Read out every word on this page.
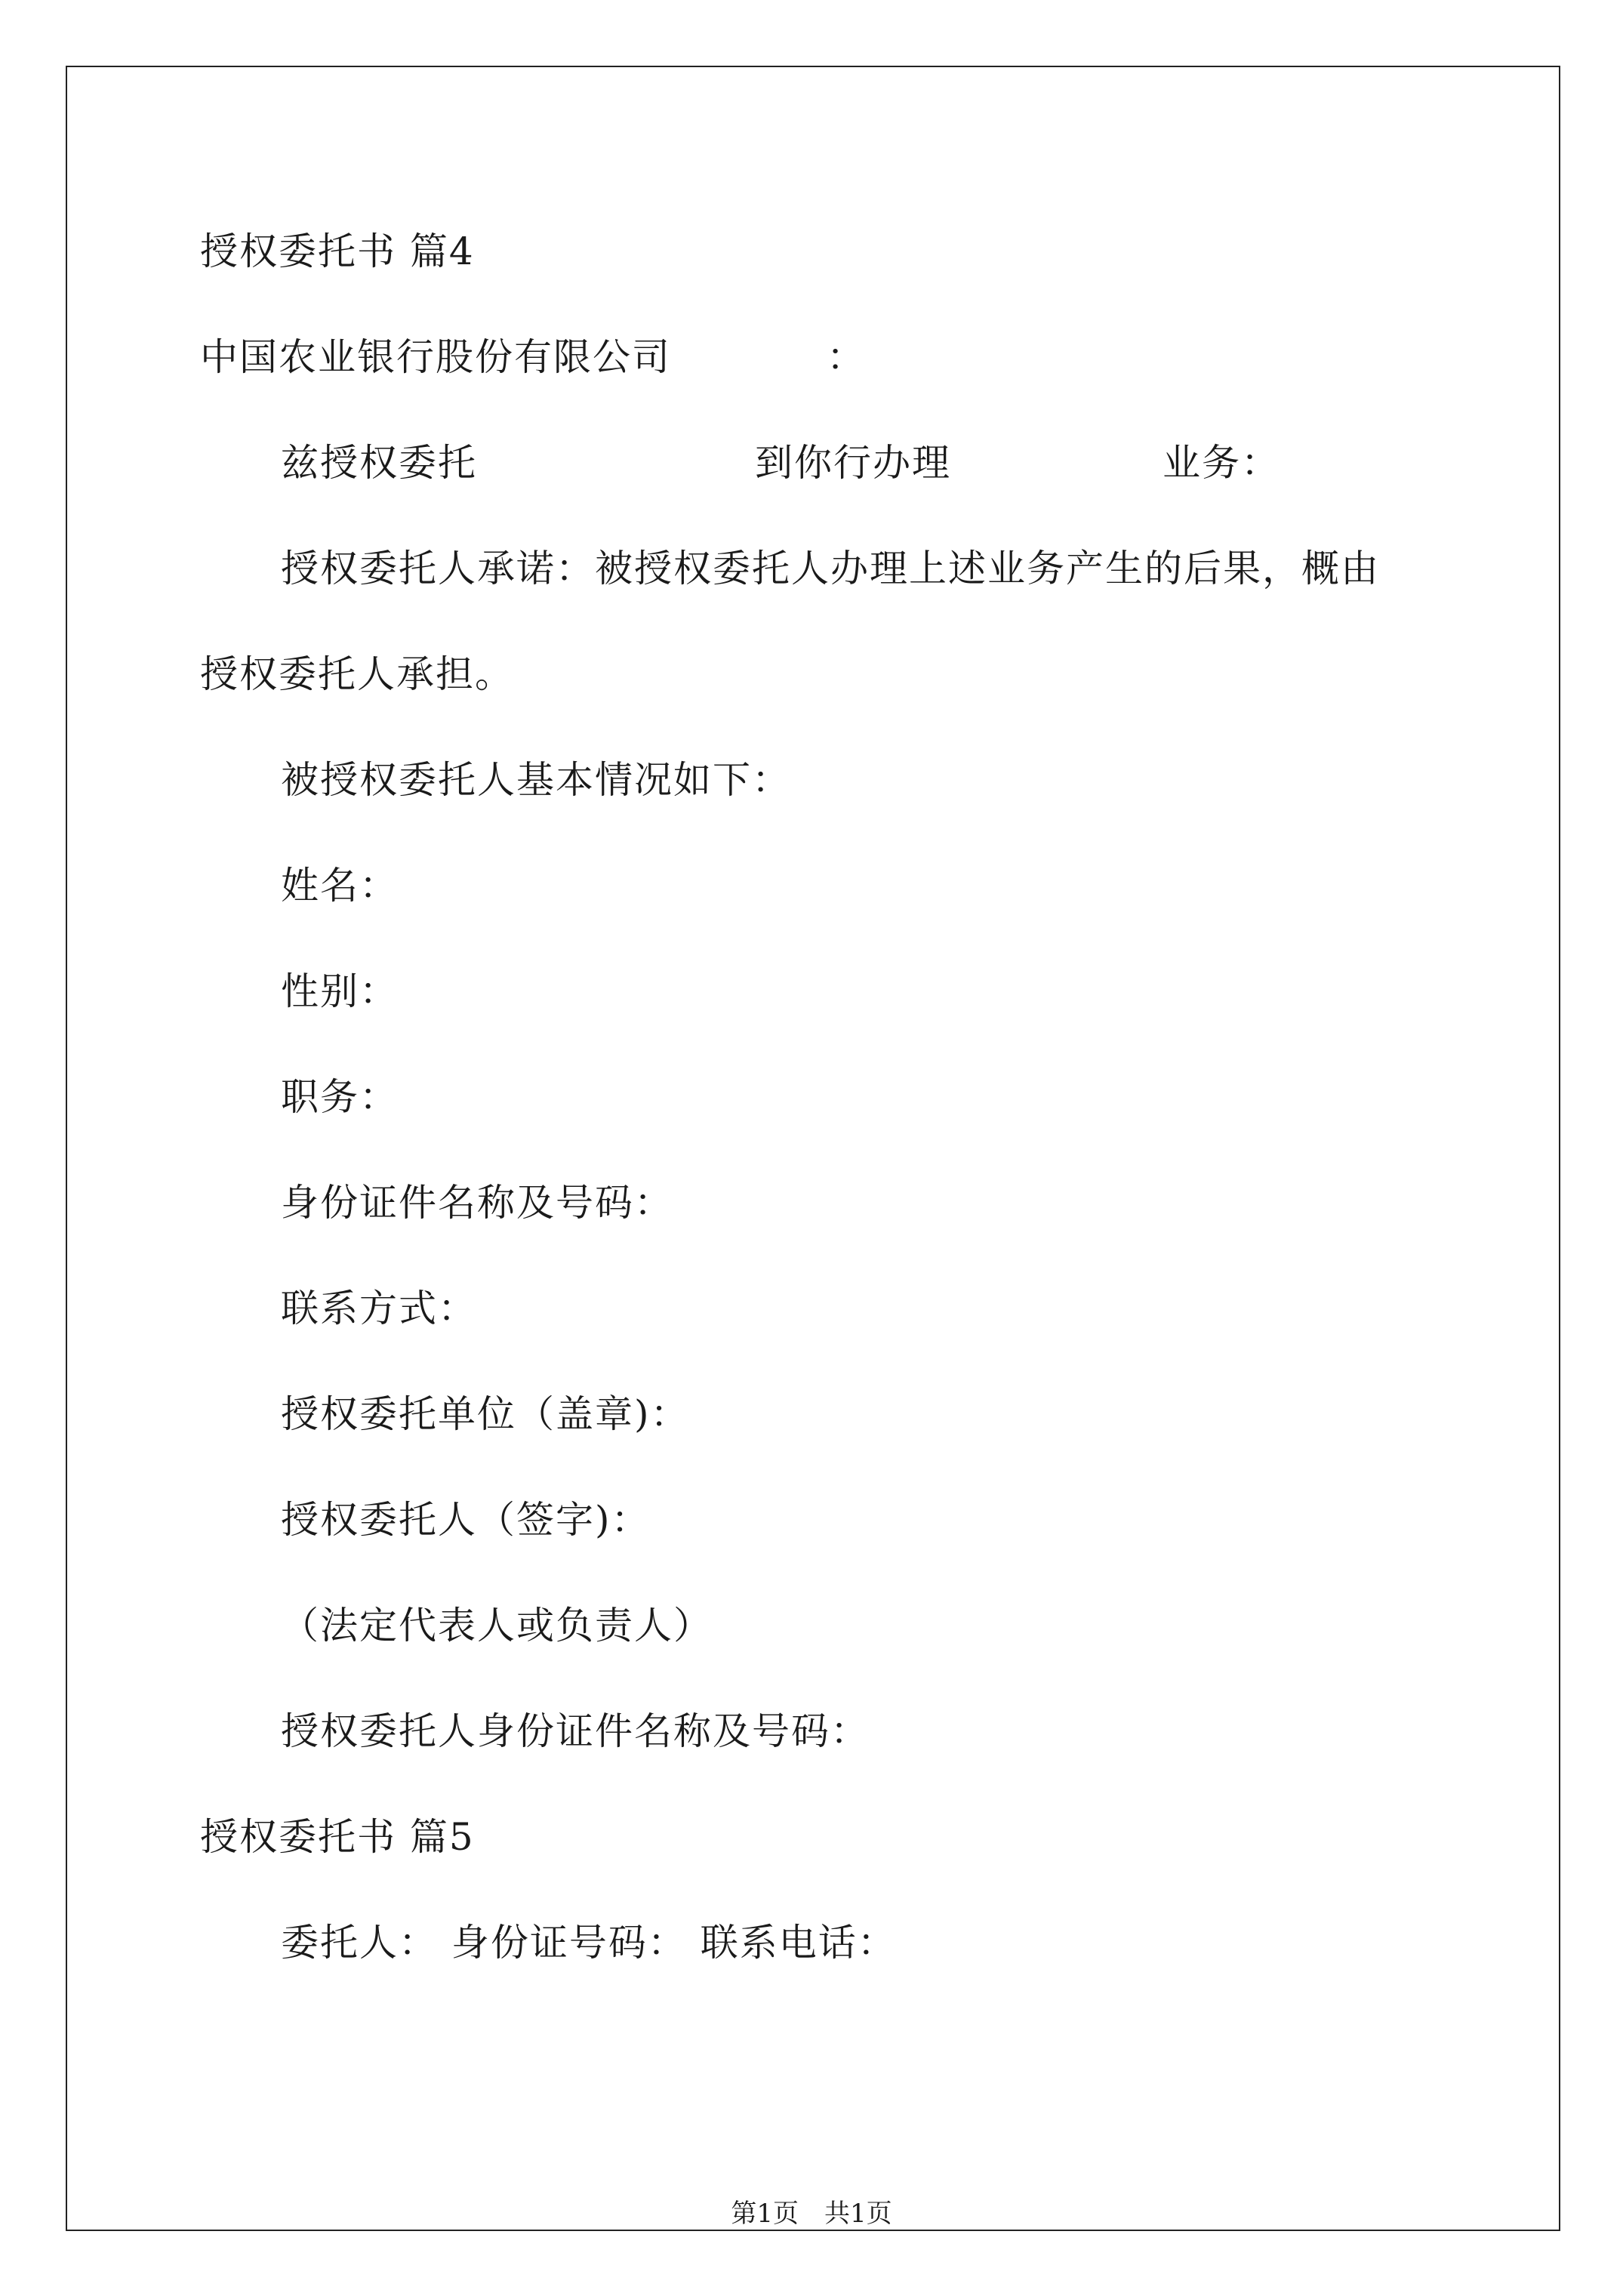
授权委托书 篇4
中国农业银行股份有限公司	：
兹授权委托	到你行办理	业务：
授权委托人承诺：被授权委托人办理上述业务产生的后果，概由
授权委托人承担。
被授权委托人基本情况如下：
姓名：
性别：
职务：
身份证件名称及号码：
联系方式：
授权委托单位（盖章)：
授权委托人（签字)：
（法定代表人或负责人）
授权委托人身份证件名称及号码：
授权委托书 篇5
委托人： 身份证号码： 联系电话：
第1页　共1页
